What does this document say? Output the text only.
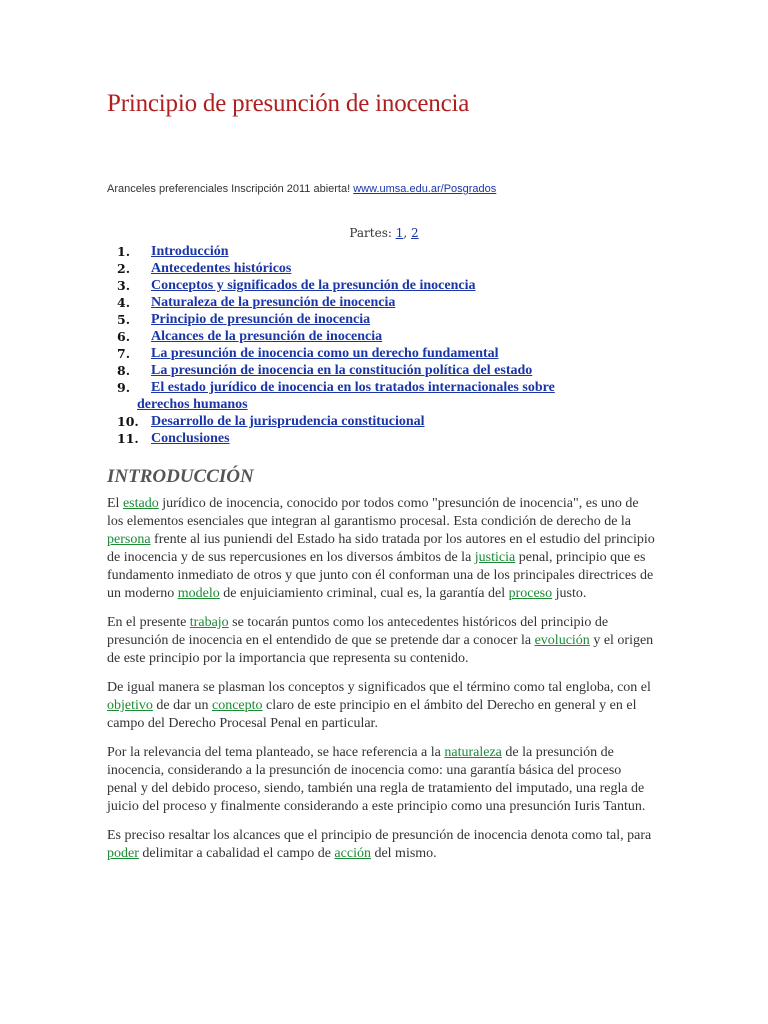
Principio de presunción de inocencia
Aranceles preferenciales Inscripción 2011 abierta! www.umsa.edu.ar/Posgrados
Partes: 1, 2
1. Introducción
2. Antecedentes históricos
3. Conceptos y significados de la presunción de inocencia
4. Naturaleza de la presunción de inocencia
5. Principio de presunción de inocencia
6. Alcances de la presunción de inocencia
7. La presunción de inocencia como un derecho fundamental
8. La presunción de inocencia en la constitución política del estado
9. El estado jurídico de inocencia en los tratados internacionales sobre
derechos humanos
10. Desarrollo de la jurisprudencia constitucional
11. Conclusiones
INTRODUCCIÓN

El estado jurídico de inocencia, conocido por todos como "presunción de inocencia", es uno de los elementos esenciales que integran al garantismo procesal. Esta condición de derecho de la persona frente al ius puniendi del Estado ha sido tratada por los autores en el estudio del principio de inocencia y de sus repercusiones en los diversos ámbitos de la justicia penal, principio que es fundamento inmediato de otros y que junto con él conforman una de los principales directrices de un moderno modelo de enjuiciamiento criminal, cual es, la garantía del proceso justo.

En el presente trabajo se tocarán puntos como los antecedentes históricos del principio de presunción de inocencia en el entendido de que se pretende dar a conocer la evolución y el origen de este principio por la importancia que representa su contenido.

De igual manera se plasman los conceptos y significados que el término como tal engloba, con el objetivo de dar un concepto claro de este principio en el ámbito del Derecho en general y en el campo del Derecho Procesal Penal en particular.

Por la relevancia del tema planteado, se hace referencia a la naturaleza de la presunción de inocencia, considerando a la presunción de inocencia como: una garantía básica del proceso penal y del debido proceso, siendo, también una regla de tratamiento del imputado, una regla de juicio del proceso y finalmente considerando a este principio como una presunción Iuris Tantun.

Es preciso resaltar los alcances que el principio de presunción de inocencia denota como tal, para poder delimitar a cabalidad el campo de acción del mismo.
